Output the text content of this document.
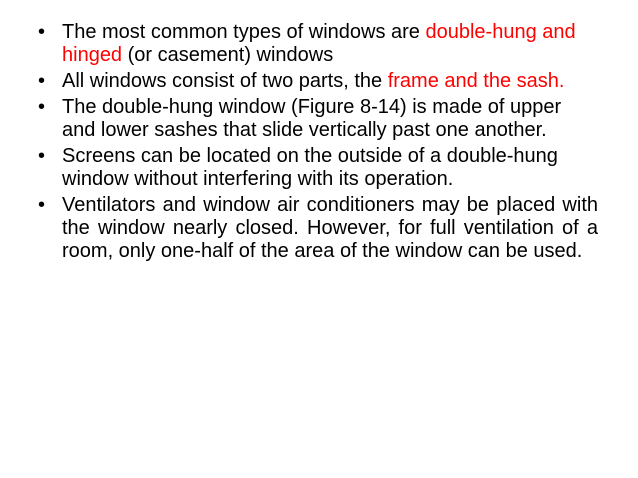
• The most common types of windows are double-hung and hinged (or casement) windows
• All windows consist of two parts, the frame and the sash.
• The double-hung window (Figure 8-14) is made of upper and lower sashes that slide vertically past one another.
• Screens can be located on the outside of a double-hung window without interfering with its operation.
• Ventilators and window air conditioners may be placed with the window nearly closed. However, for full ventilation of a room, only one-half of the area of the window can be used.
